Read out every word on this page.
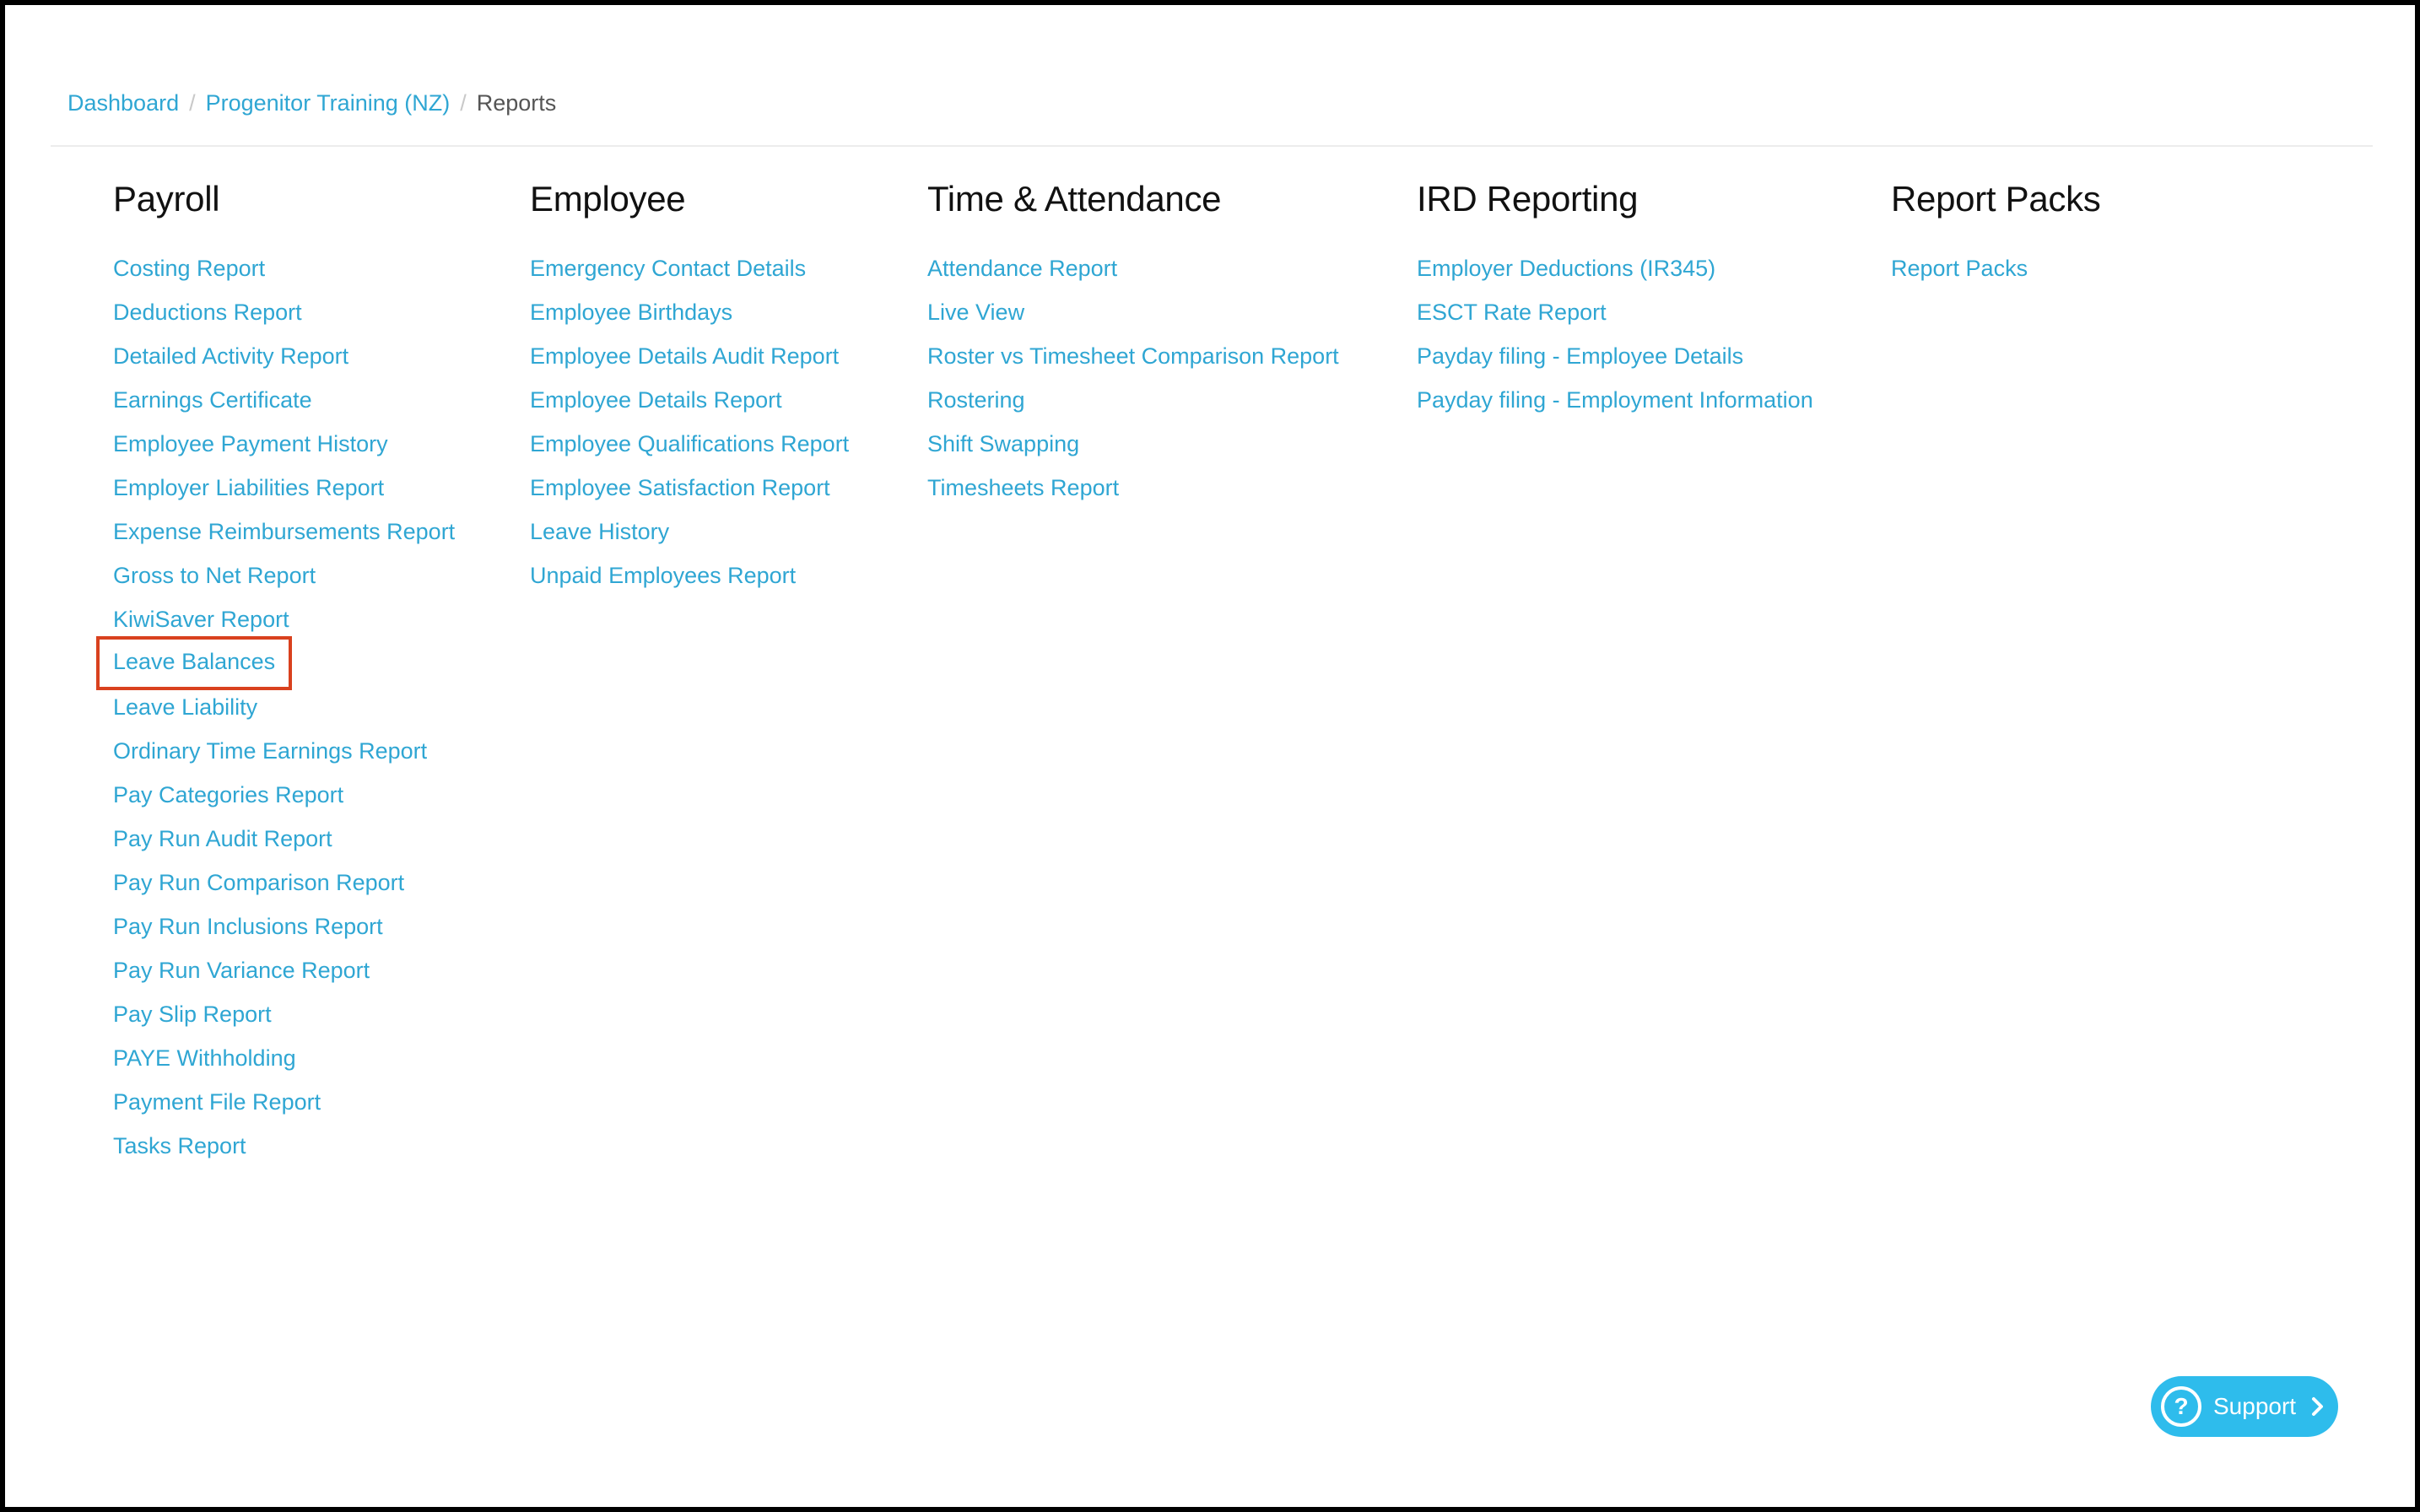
Dashboard / Progenitor Training (NZ) / Reports
Payroll
Costing Report
Deductions Report
Detailed Activity Report
Earnings Certificate
Employee Payment History
Employer Liabilities Report
Expense Reimbursements Report
Gross to Net Report
KiwiSaver Report
Leave Balances
Leave Liability
Ordinary Time Earnings Report
Pay Categories Report
Pay Run Audit Report
Pay Run Comparison Report
Pay Run Inclusions Report
Pay Run Variance Report
Pay Slip Report
PAYE Withholding
Payment File Report
Tasks Report
Employee
Emergency Contact Details
Employee Birthdays
Employee Details Audit Report
Employee Details Report
Employee Qualifications Report
Employee Satisfaction Report
Leave History
Unpaid Employees Report
Time & Attendance
Attendance Report
Live View
Roster vs Timesheet Comparison Report
Rostering
Shift Swapping
Timesheets Report
IRD Reporting
Employer Deductions (IR345)
ESCT Rate Report
Payday filing - Employee Details
Payday filing - Employment Information
Report Packs
Report Packs
?	Support
